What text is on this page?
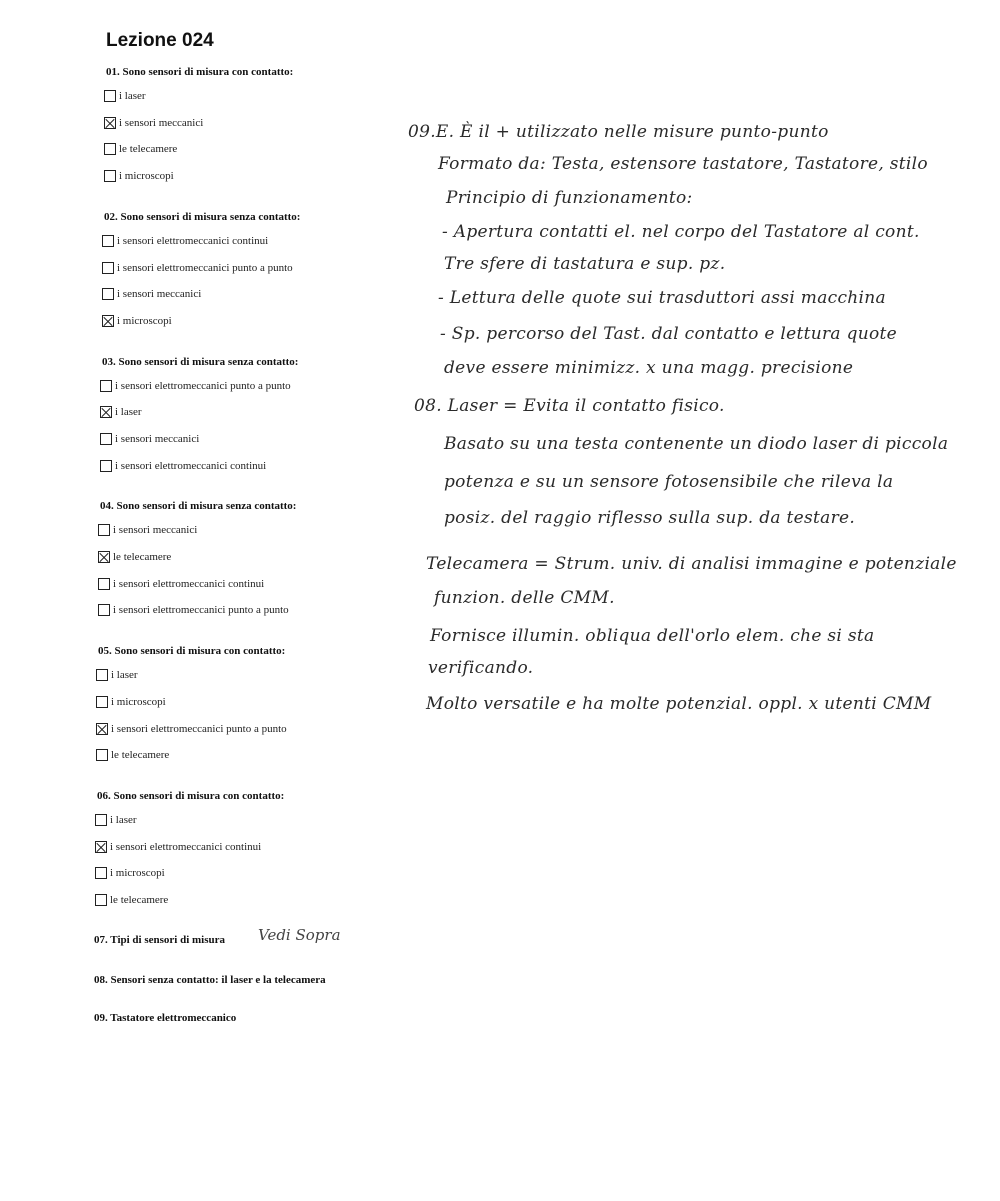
Lezione 024
01. Sono sensori di misura con contatto:
i laser
i sensori meccanici
le telecamere
i microscopi
02. Sono sensori di misura senza contatto:
i sensori elettromeccanici continui
i sensori elettromeccanici punto a punto
i sensori meccanici
i microscopi
03. Sono sensori di misura senza contatto:
i sensori elettromeccanici punto a punto
i laser
i sensori meccanici
i sensori elettromeccanici continui
04. Sono sensori di misura senza contatto:
i sensori meccanici
le telecamere
i sensori elettromeccanici continui
i sensori elettromeccanici punto a punto
05. Sono sensori di misura con contatto:
i laser
i microscopi
i sensori elettromeccanici punto a punto
le telecamere
06. Sono sensori di misura con contatto:
i laser
i sensori elettromeccanici continui
i microscopi
le telecamere
07. Tipi di sensori di misura Vedi Sopra
08. Sensori senza contatto: il laser e la telecamera
09. Tastatore elettromeccanico
09.E. È il + utilizzato nelle misure punto-punto
Formato da: Testa, estensore tastatore, Tastatore, stilo
Principio di funzionamento:
- Apertura contatti el. nel corpo del Tastatore al cont.
Tre sfere di tastatura e sup. pz.
- Lettura delle quote sui trasduttori assi macchina
- Sp. percorso del Tast. dal contatto e lettura quote
deve essere minimizz. x una magg. precisione
08. Laser = Evita il contatto fisico.
Basato su una testa contenente un diodo laser di piccola
potenza e su un sensore fotosensibile che rileva la
posiz. del raggio riflesso sulla sup. da testare.
Telecamera = Strum. univ. di analisi immagine e potenziale
funzion. delle CMM.
Fornisce illumin. obliqua dell'orlo elem. che si sta
verificando.
Molto versatile e ha molte potenzial. oppl. x utenti CMM
